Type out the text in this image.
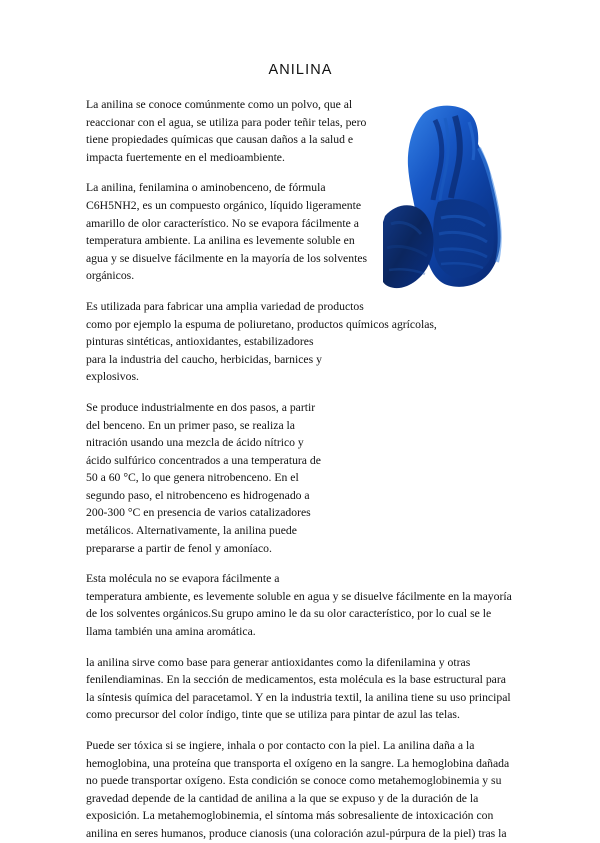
ANILINA

La anilina se conoce comúnmente como un polvo, que al reaccionar con el agua, se utiliza para poder teñir telas, pero tiene propiedades químicas que causan daños a la salud e impacta fuertemente en el medioambiente.

La anilina, fenilamina o aminobenceno, de fórmula C6H5NH2, es un compuesto orgánico, líquido ligeramente amarillo de olor característico. No se evapora fácilmente a temperatura ambiente. La anilina es levemente soluble en agua y se disuelve fácilmente en la mayoría de los solventes orgánicos.

Es utilizada para fabricar una amplia variedad de productos como por ejemplo la espuma de poliuretano, productos químicos agrícolas,
pinturas sintéticas, antioxidantes, estabilizadores
para la industria del caucho, herbicidas, barnices y
explosivos.

Se produce industrialmente en dos pasos, a partir
del benceno. En un primer paso, se realiza la
nitración usando una mezcla de ácido nítrico y
ácido sulfúrico concentrados a una temperatura de
50 a 60 °C, lo que genera nitrobenceno. En el
segundo paso, el nitrobenceno es hidrogenado a
200-300 °C en presencia de varios catalizadores
metálicos. Alternativamente, la anilina puede
prepararse a partir de fenol y amoníaco.

Esta molécula no se evapora fácilmente a
temperatura ambiente, es levemente soluble en agua y se disuelve fácilmente en la mayoría de los solventes orgánicos.Su grupo amino le da su olor característico, por lo cual se le llama también una amina aromática.

la anilina sirve como base para generar antioxidantes como la difenilamina y otras fenilendiaminas. En la sección de medicamentos, esta molécula es la base estructural para la síntesis química del paracetamol. Y en la industria textil, la anilina tiene su uso principal como precursor del color índigo, tinte que se utiliza para pintar de azul las telas.

Puede ser tóxica si se ingiere, inhala o por contacto con la piel. La anilina daña a la hemoglobina, una proteína que transporta el oxígeno en la sangre. La hemoglobina dañada no puede transportar oxígeno. Esta condición se conoce como metahemoglobinemia y su gravedad depende de la cantidad de anilina a la que se expuso y de la duración de la exposición. La metahemoglobinemia, el síntoma más sobresaliente de intoxicación con anilina en seres humanos, produce cianosis (una coloración azul-púrpura de la piel) tras la
